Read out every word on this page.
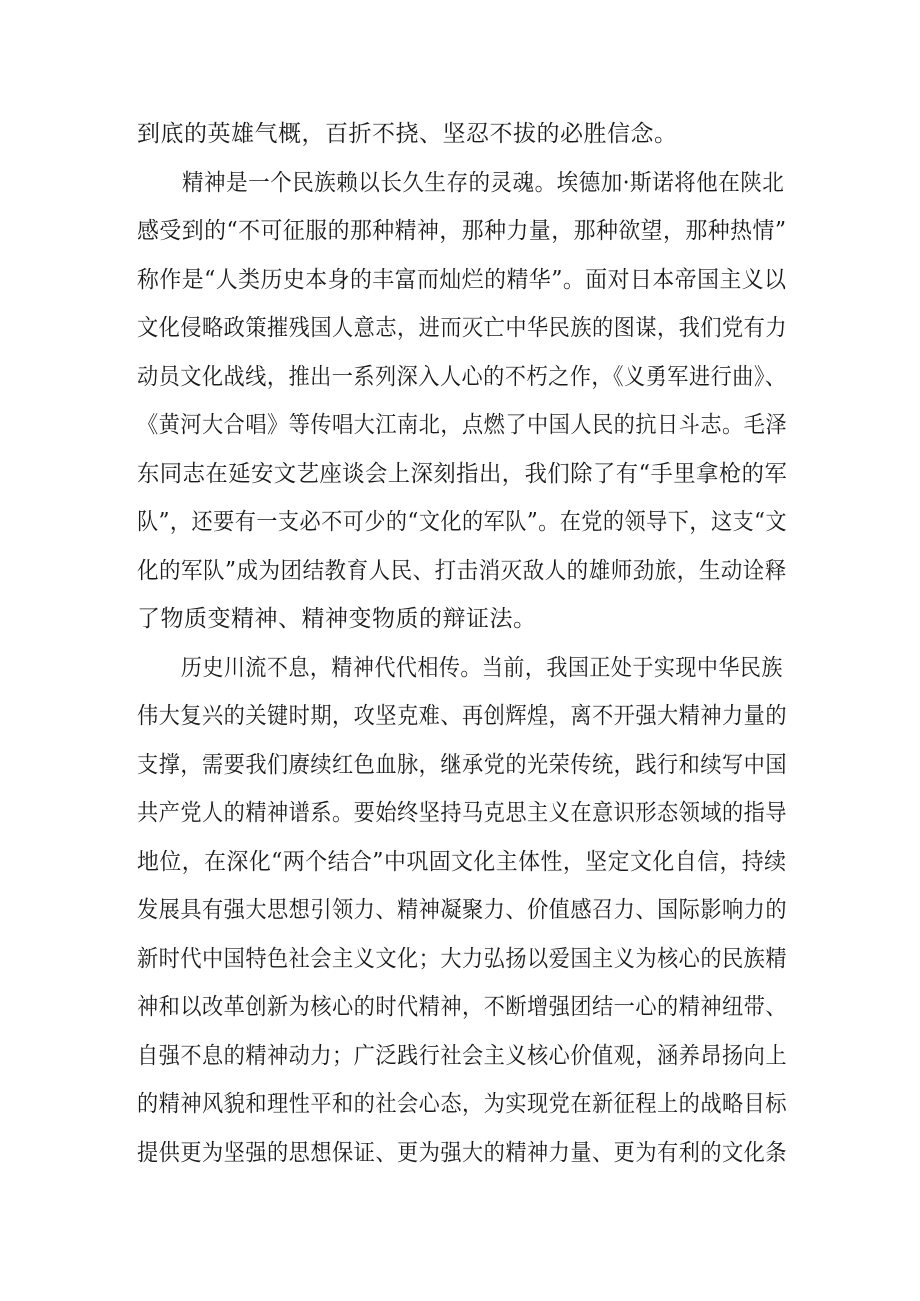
到底的英雄气概，百折不挠、坚忍不拔的必胜信念。
精神是一个民族赖以长久生存的灵魂。埃德加·斯诺将他在陕北
感受到的“不可征服的那种精神，那种力量，那种欲望，那种热情”
称作是“人类历史本身的丰富而灿烂的精华”。面对日本帝国主义以
文化侵略政策摧残国人意志，进而灭亡中华民族的图谋，我们党有力
动员文化战线，推出一系列深入人心的不朽之作，《义勇军进行曲》、
《黄河大合唱》等传唱大江南北，点燃了中国人民的抗日斗志。毛泽
东同志在延安文艺座谈会上深刻指出，我们除了有“手里拿枪的军
队”，还要有一支必不可少的“文化的军队”。在党的领导下，这支“文
化的军队”成为团结教育人民、打击消灭敌人的雄师劲旅，生动诠释
了物质变精神、精神变物质的辩证法。
历史川流不息，精神代代相传。当前，我国正处于实现中华民族
伟大复兴的关键时期，攻坚克难、再创辉煌，离不开强大精神力量的
支撑，需要我们赓续红色血脉，继承党的光荣传统，践行和续写中国
共产党人的精神谱系。要始终坚持马克思主义在意识形态领域的指导
地位，在深化“两个结合”中巩固文化主体性，坚定文化自信，持续
发展具有强大思想引领力、精神凝聚力、价值感召力、国际影响力的
新时代中国特色社会主义文化；大力弘扬以爱国主义为核心的民族精
神和以改革创新为核心的时代精神，不断增强团结一心的精神纽带、
自强不息的精神动力；广泛践行社会主义核心价值观，涵养昂扬向上
的精神风貌和理性平和的社会心态，为实现党在新征程上的战略目标
提供更为坚强的思想保证、更为强大的精神力量、更为有利的文化条
